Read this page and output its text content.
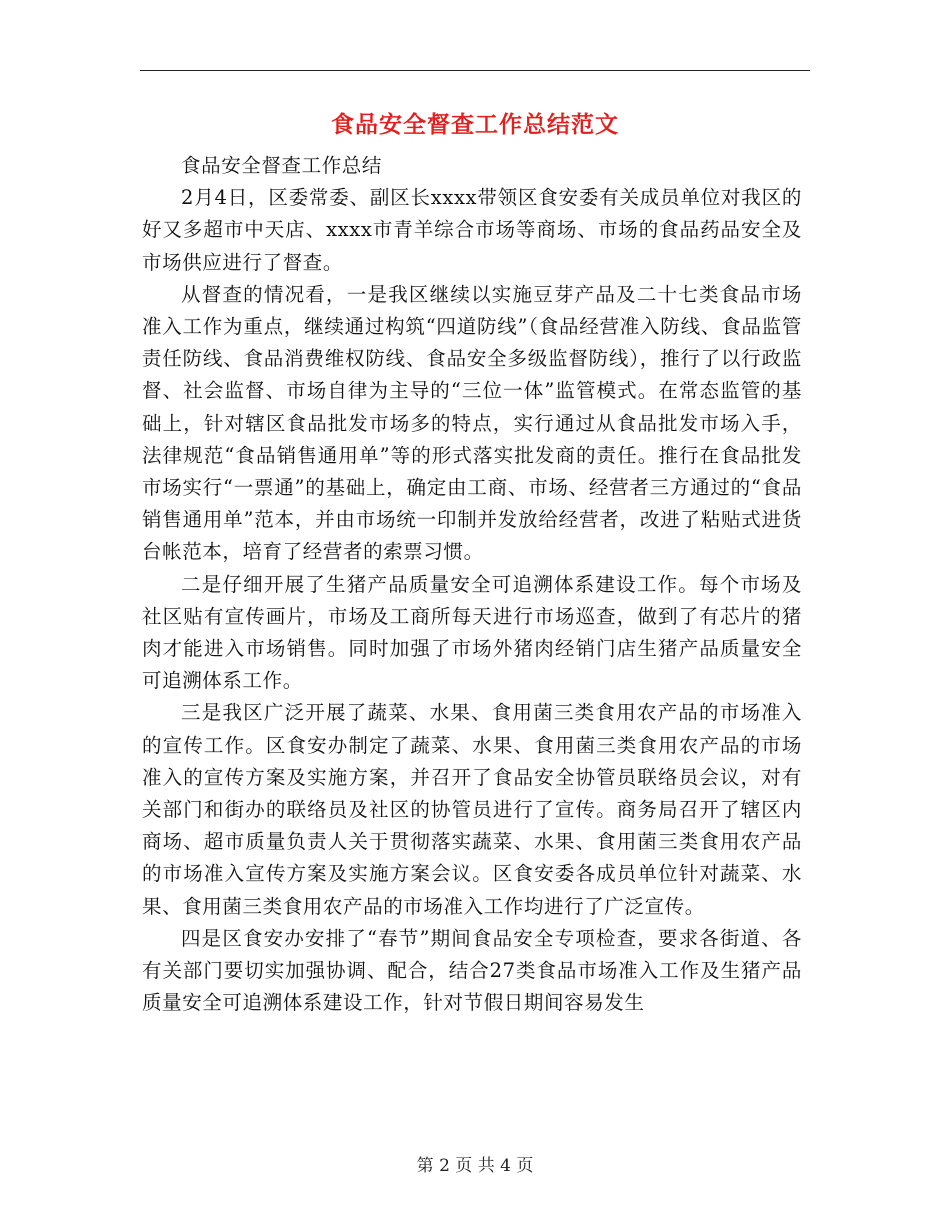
食品安全督查工作总结范文

食品安全督查工作总结

2月4日，区委常委、副区长xxxx带领区食安委有关成员单位对我区的好又多超市中天店、xxxx市青羊综合市场等商场、市场的食品药品安全及市场供应进行了督查。

从督查的情况看，一是我区继续以实施豆芽产品及二十七类食品市场准入工作为重点，继续通过构筑“四道防线”（食品经营准入防线、食品监管责任防线、食品消费维权防线、食品安全多级监督防线），推行了以行政监督、社会监督、市场自律为主导的“三位一体”监管模式。在常态监管的基础上，针对辖区食品批发市场多的特点，实行通过从食品批发市场入手，法律规范“食品销售通用单”等的形式落实批发商的责任。推行在食品批发市场实行“一票通”的基础上，确定由工商、市场、经营者三方通过的“食品销售通用单”范本，并由市场统一印制并发放给经营者，改进了粘贴式进货台帐范本，培育了经营者的索票习惯。

二是仔细开展了生猪产品质量安全可追溯体系建设工作。每个市场及社区贴有宣传画片，市场及工商所每天进行市场巡查，做到了有芯片的猪肉才能进入市场销售。同时加强了市场外猪肉经销门店生猪产品质量安全可追溯体系工作。

三是我区广泛开展了蔬菜、水果、食用菌三类食用农产品的市场准入的宣传工作。区食安办制定了蔬菜、水果、食用菌三类食用农产品的市场准入的宣传方案及实施方案，并召开了食品安全协管员联络员会议，对有关部门和街办的联络员及社区的协管员进行了宣传。商务局召开了辖区内商场、超市质量负责人关于贯彻落实蔬菜、水果、食用菌三类食用农产品的市场准入宣传方案及实施方案会议。区食安委各成员单位针对蔬菜、水果、食用菌三类食用农产品的市场准入工作均进行了广泛宣传。

四是区食安办安排了“春节”期间食品安全专项检查，要求各街道、各有关部门要切实加强协调、配合，结合27类食品市场准入工作及生猪产品质量安全可追溯体系建设工作，针对节假日期间容易发生

第 2 页 共 4 页
